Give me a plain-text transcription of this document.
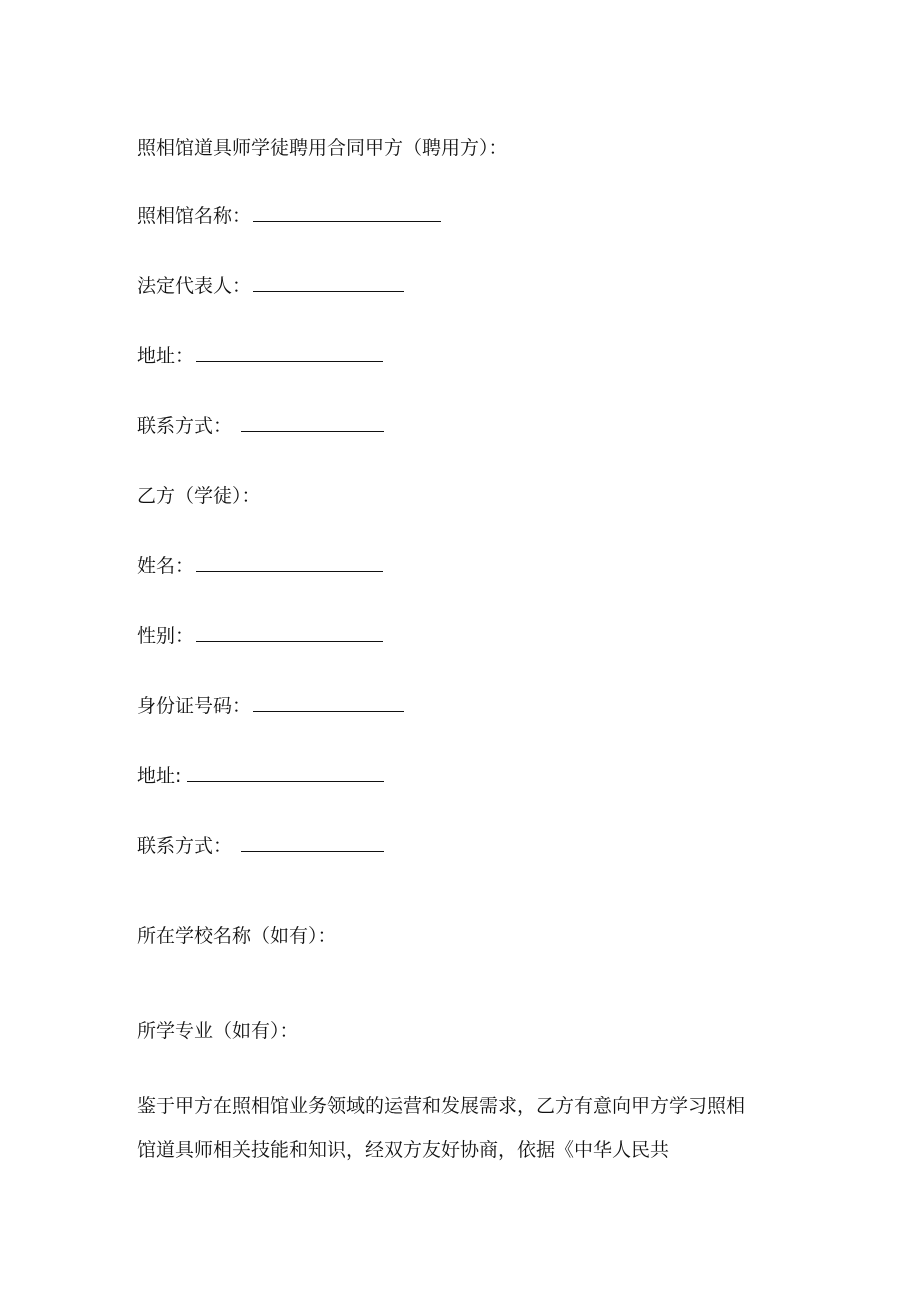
照相馆道具师学徒聘用合同甲方（聘用方）：
照相馆名称：
法定代表人：
地址：
联系方式：
乙方（学徒）：
姓名：
性别：
身份证号码：
地址:
联系方式：
所在学校名称（如有）：
所学专业（如有）：
鉴于甲方在照相馆业务领域的运营和发展需求，乙方有意向甲方学习照相
馆道具师相关技能和知识，经双方友好协商，依据《中华人民共
